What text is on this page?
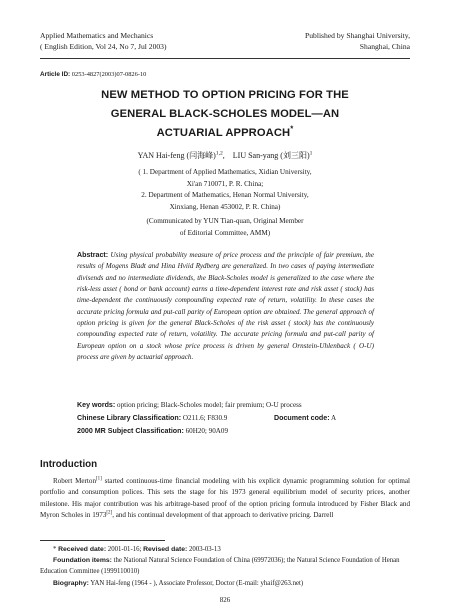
Applied Mathematics and Mechanics
( English Edition, Vol 24, No 7, Jul 2003)
Published by Shanghai University,
Shanghai, China
Article ID: 0253-4827(2003)07-0826-10
NEW METHOD TO OPTION PRICING FOR THE
GENERAL BLACK-SCHOLES MODEL—AN
ACTUARIAL APPROACH*
YAN Hai-feng (闫海峰)$^{1,2}$, LIU San-yang (刘三阳)$^1$
( 1. Department of Applied Mathematics, Xidian University,
Xi'an 710071, P. R. China;
2. Department of Mathematics, Henan Normal University,
Xinxiang, Henan 453002, P. R. China)
(Communicated by YUN Tian-quan, Original Member
of Editorial Committee, AMM)
Abstract: Using physical probability measure of price process and the principle of fair premium, the results of Mogens Bladt and Hina Hviid Rydberg are generalized. In two cases of paying intermediate divisends and no intermediate dividends, the Black-Scholes model is generalized to the case where the risk-less asset ( bond or bank account) earns a time-dependent interest rate and risk asset ( stock) has time-dependent the continuously compounding expected rate of return, volatility. In these cases the accurate pricing formula and put-call parity of European option are obtained. The general approach of option pricing is given for the general Black-Scholes of the risk asset ( stock) has the continuously compounding expected rate of return, volatility. The accurate pricing formula and put-call parity of European option on a stock whose price process is driven by general Ornstein-Uhlenback ( O-U) process are given by actuarial approach.
Key words: option pricing; Black-Scholes model; fair premium; O-U process
Chinese Library Classification: O211.6; F830.9	Document code: A
2000 MR Subject Classification: 60H20; 90A09
Introduction
Robert Merton[1] started continuous-time financial modeling with his explicit dynamic programming solution for optimal portfolio and consumption polices. This sets the stage for his 1973 general equilibrium model of security prices, another milestone. His major contribution was his arbitrage-based proof of the option pricing formula introduced by Fisher Black and Myron Scholes in 1973[2], and his continual development of that approach to derivative pricing. Darrell

* Received date: 2001-01-16; Revised date: 2003-03-13

Foundation items: the National Natural Science Foundation of China (69972036); the Natural Science Foundation of Henan Education Committee (1999110010)

Biography: YAN Hai-feng (1964 - ), Associate Professor, Doctor (E-mail: yhaif@263.net)

826
